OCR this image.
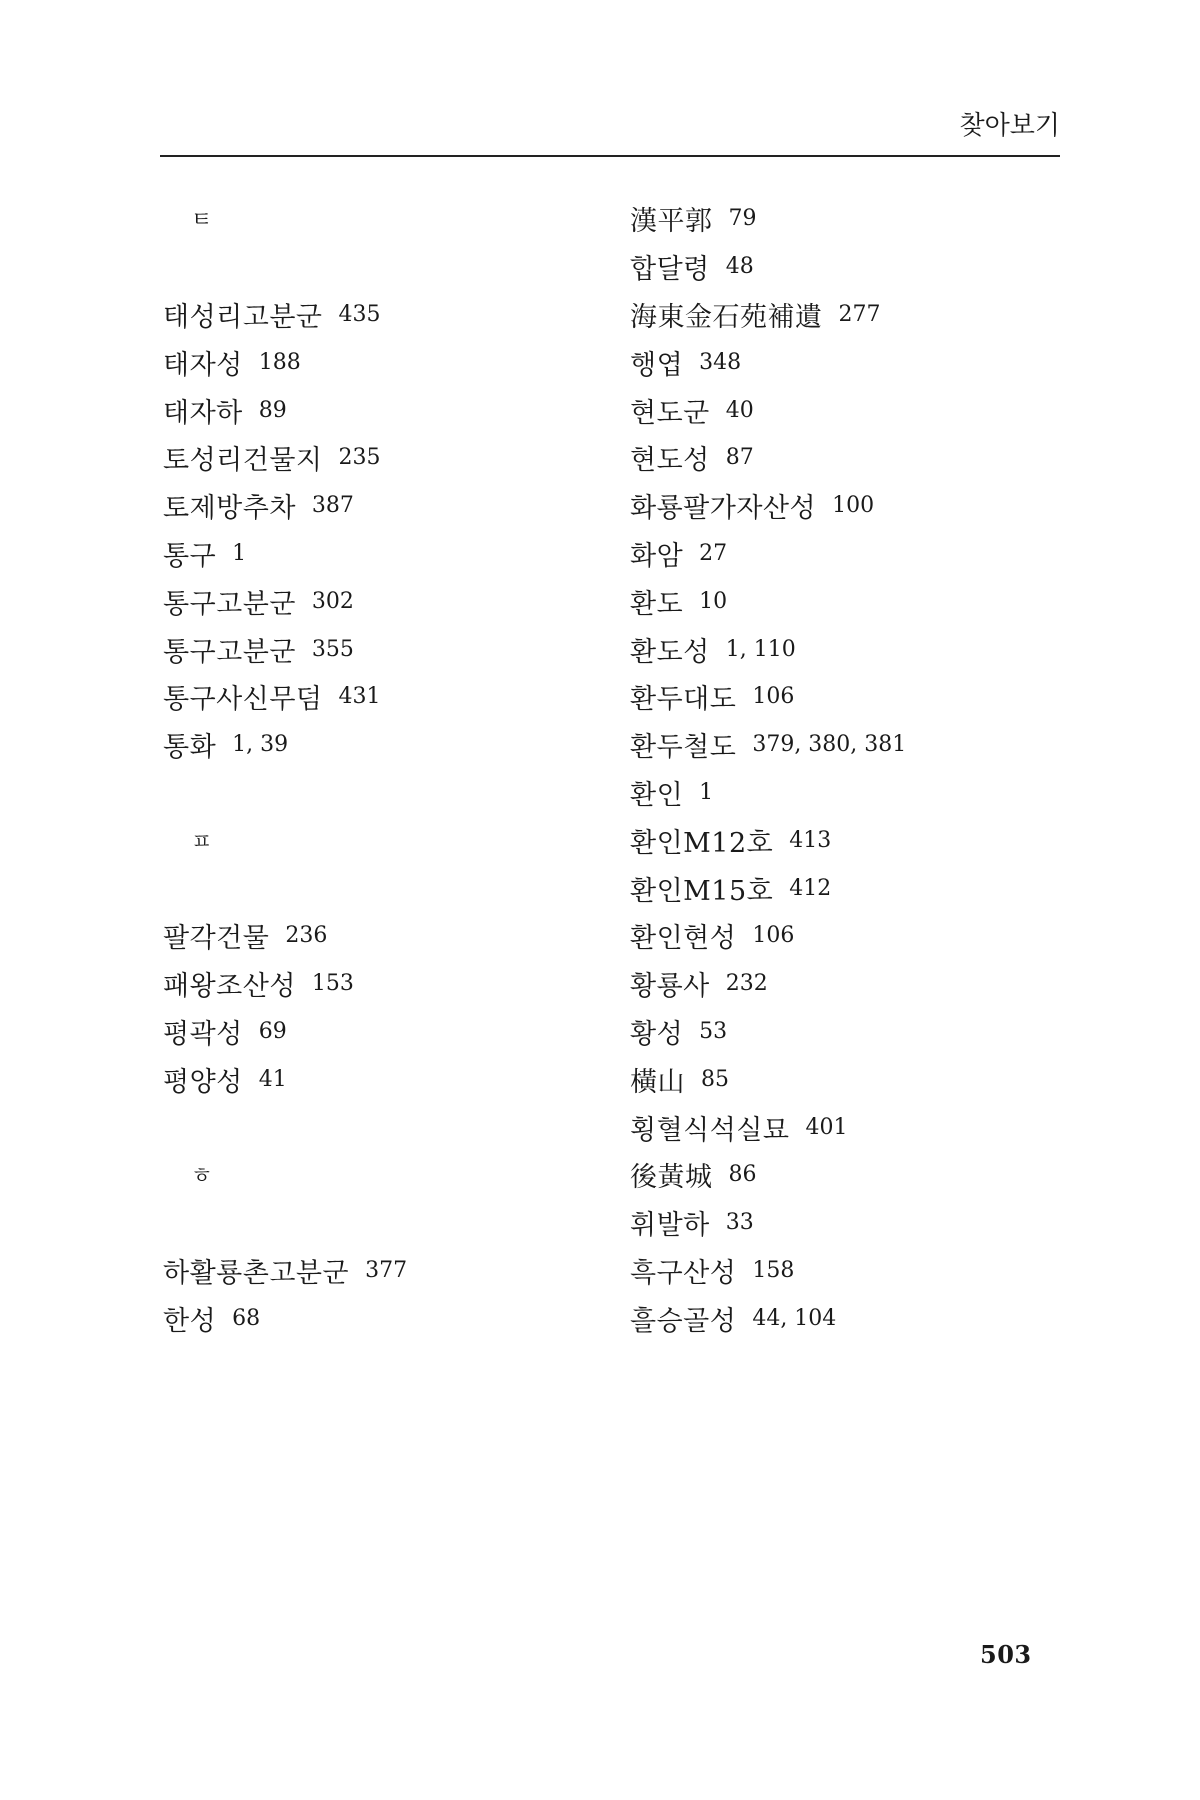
찾아보기
ㅌ
태성리고분군 435
태자성 188
태자하 89
토성리건물지 235
토제방추차 387
통구 1
통구고분군 302
통구고분군 355
통구사신무덤 431
통화 1, 39
ㅍ
팔각건물 236
패왕조산성 153
평곽성 69
평양성 41
ㅎ
하활룡촌고분군 377
한성 68
漢平郭 79
합달령 48
海東金石苑補遺 277
행엽 348
현도군 40
현도성 87
화룡팔가자산성 100
화암 27
환도 10
환도성 1, 110
환두대도 106
환두철도 379, 380, 381
환인 1
환인M12호 413
환인M15호 412
환인현성 106
황룡사 232
황성 53
橫山 85
횡혈식석실묘 401
後黃城 86
휘발하 33
흑구산성 158
흘승골성 44, 104
503
